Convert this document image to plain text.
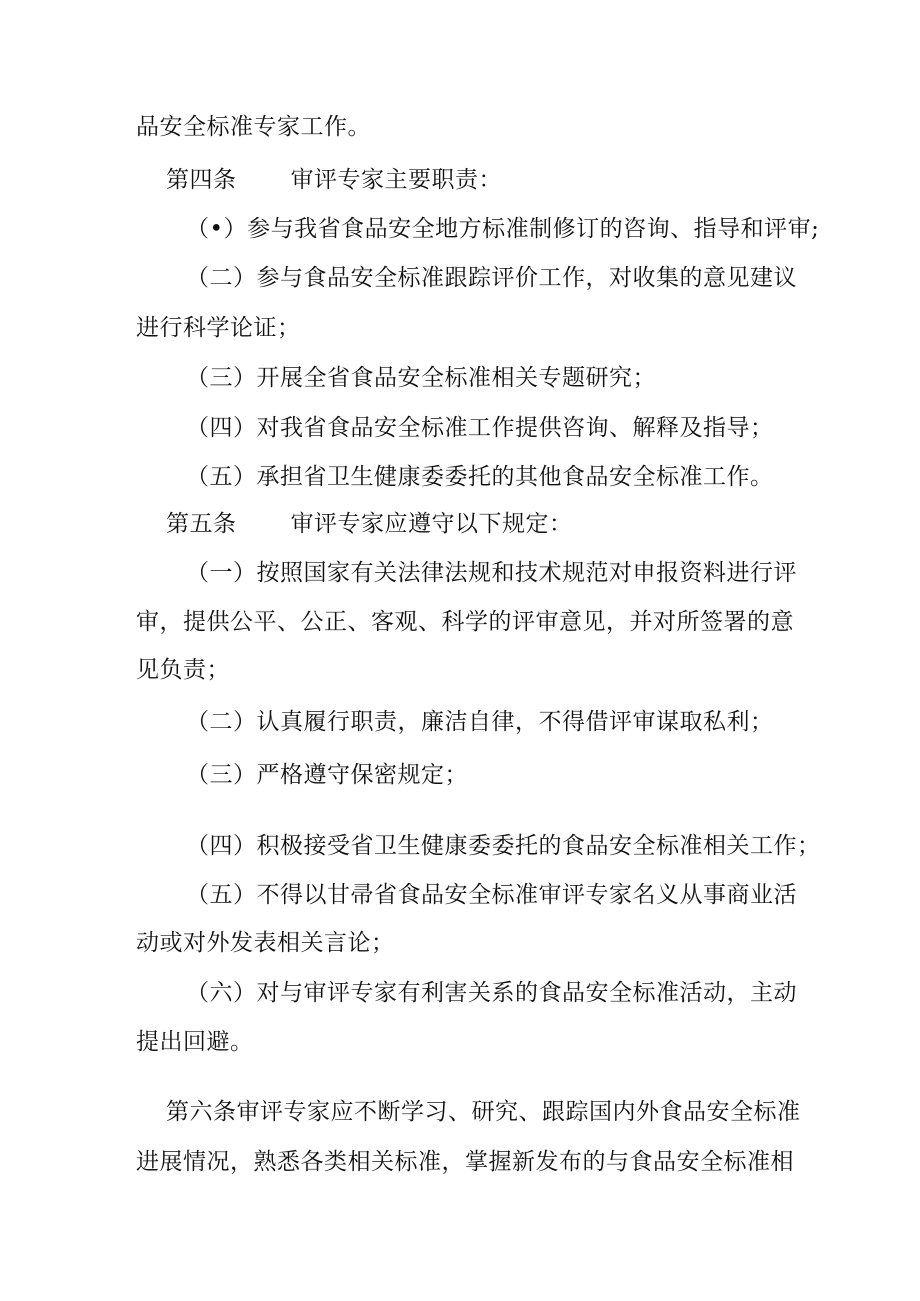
品安全标准专家工作。
第四条 审评专家主要职责：
（•）参与我省食品安全地方标准制修订的咨询、指导和评审;
（二）参与食品安全标准跟踪评价工作，对收集的意见建议
进行科学论证；
（三）开展全省食品安全标准相关专题研究；
（四）对我省食品安全标准工作提供咨询、解释及指导；
（五）承担省卫生健康委委托的其他食品安全标准工作。
第五条 审评专家应遵守以下规定：
（一）按照国家有关法律法规和技术规范对申报资料进行评
审，提供公平、公正、客观、科学的评审意见，并对所签署的意
见负责；
（二）认真履行职责，廉洁自律，不得借评审谋取私利；
（三）严格遵守保密规定；
（四）积极接受省卫生健康委委托的食品安全标准相关工作；
（五）不得以甘帚省食品安全标准审评专家名义从事商业活
动或对外发表相关言论；
（六）对与审评专家有利害关系的食品安全标准活动，主动
提出回避。
第六条审评专家应不断学习、研究、跟踪国内外食品安全标准
进展情况，熟悉各类相关标准，掌握新发布的与食品安全标准相
